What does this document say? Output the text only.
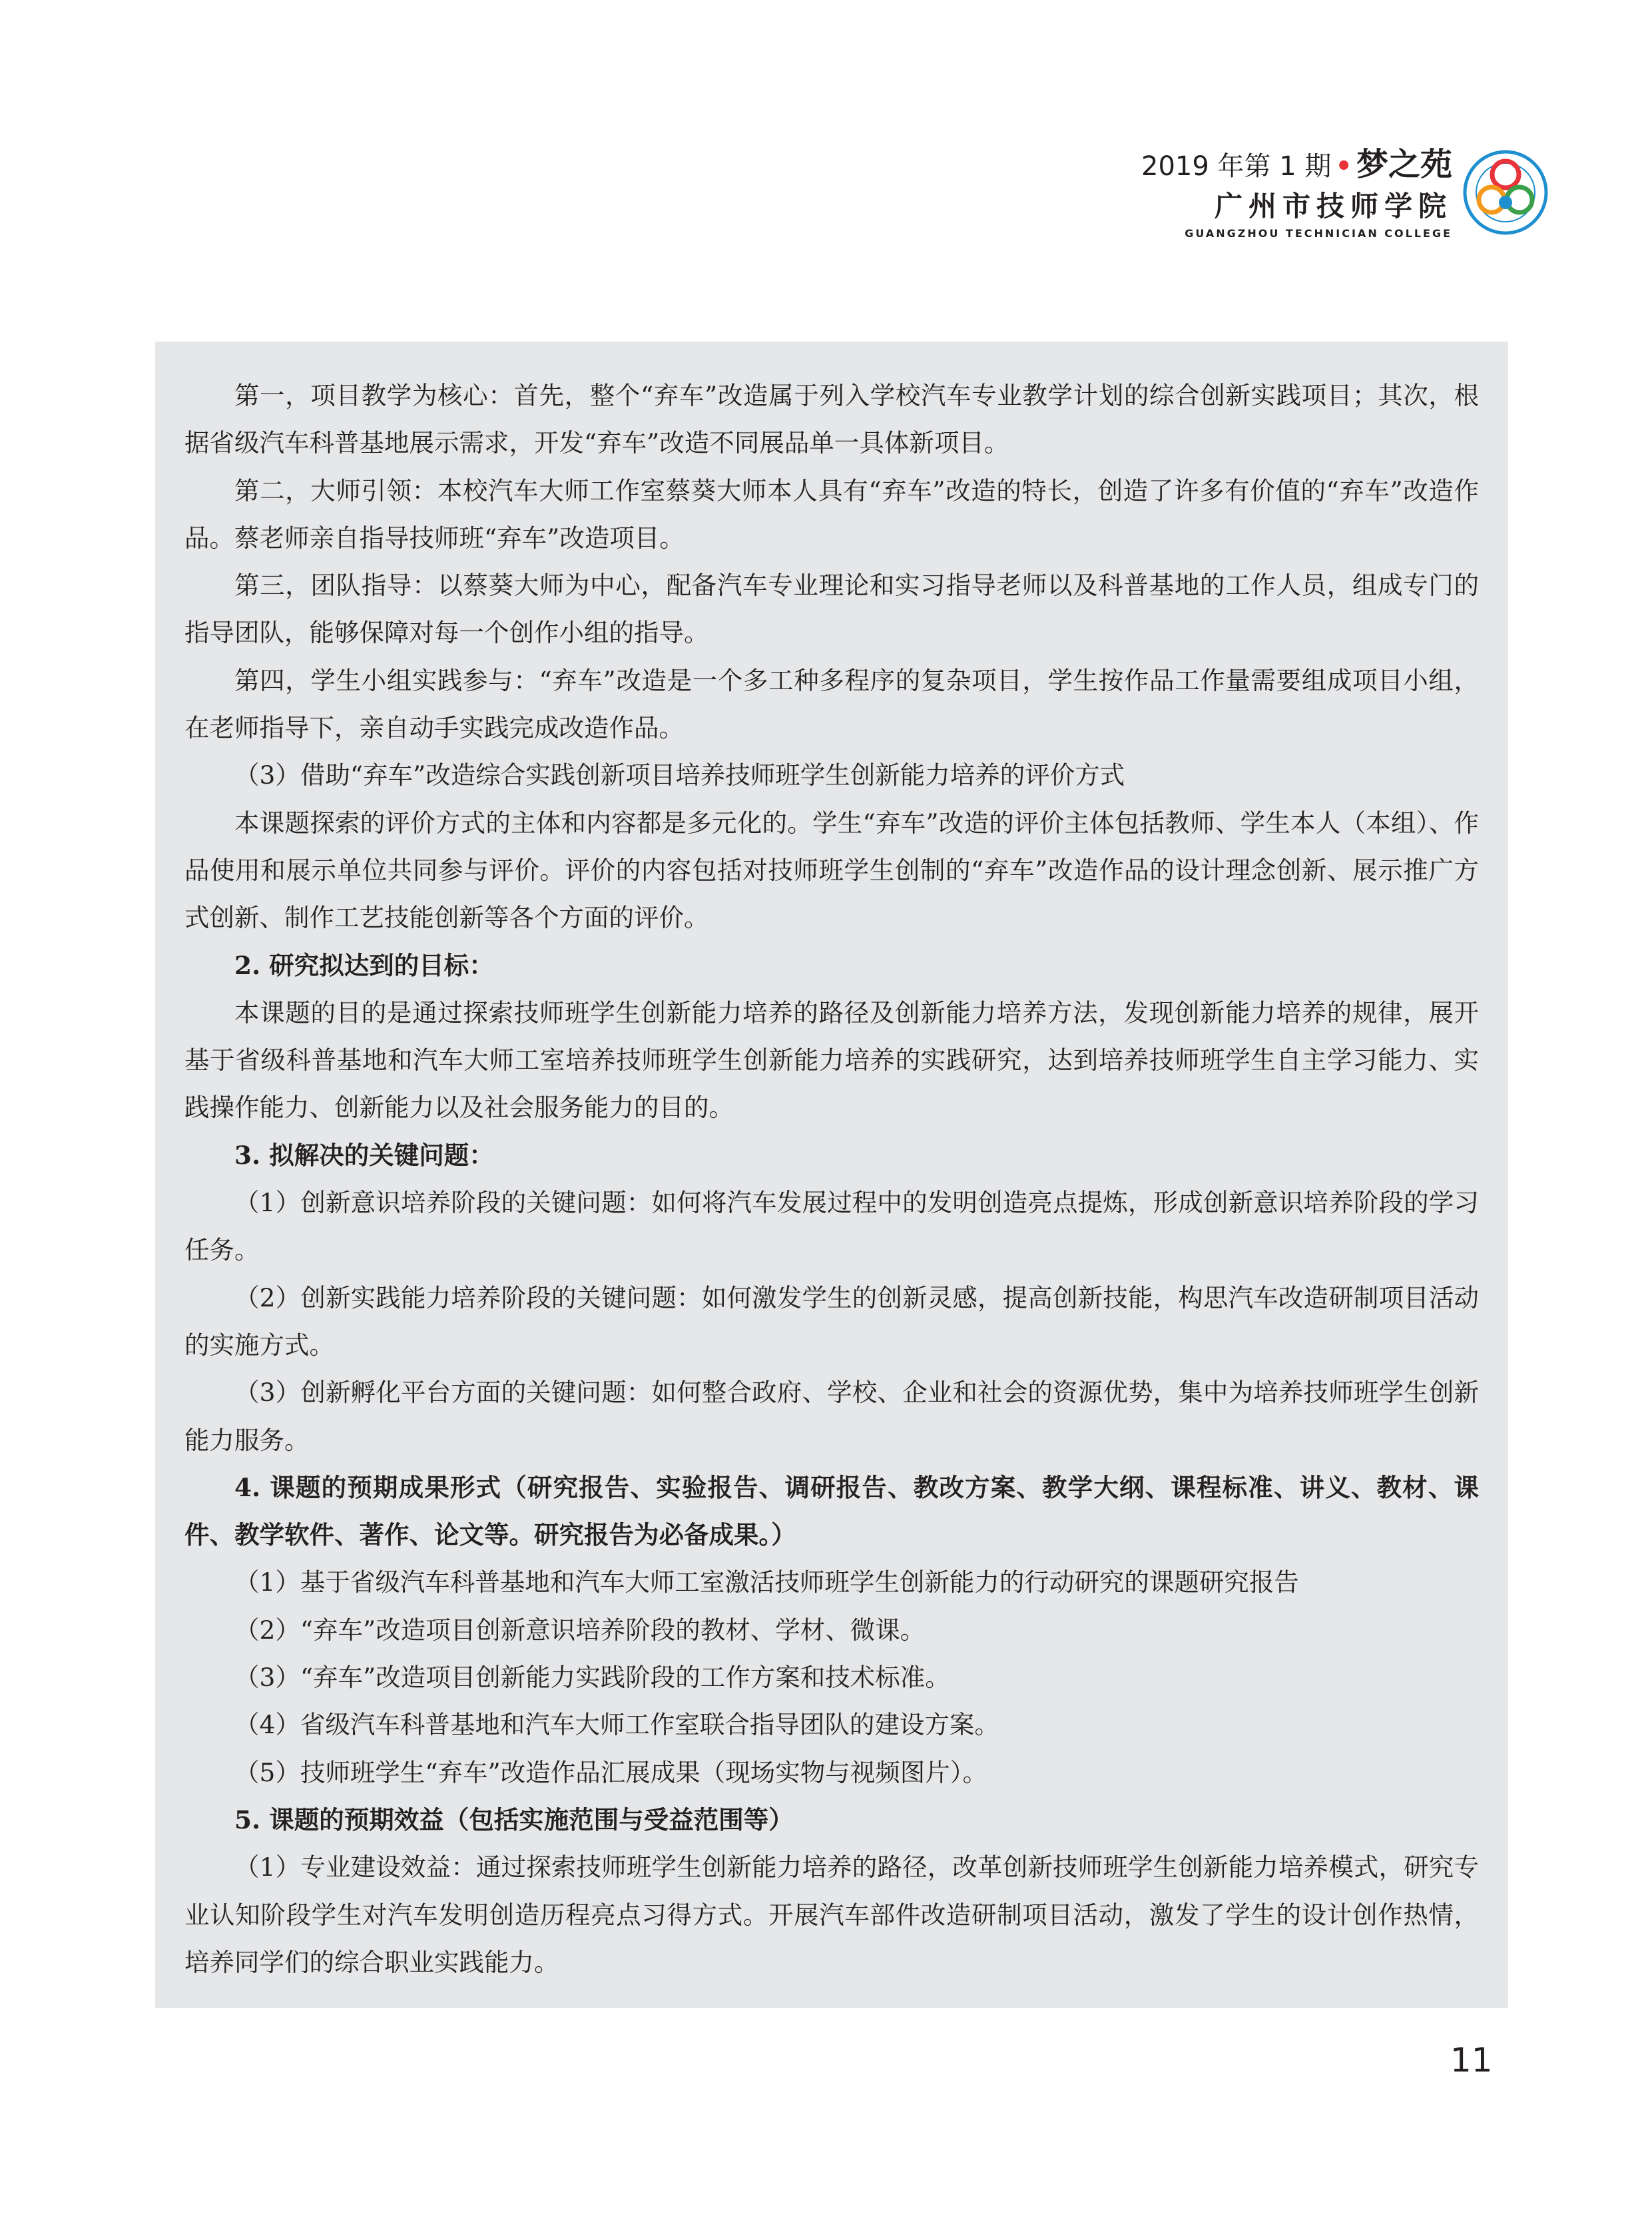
2019 年第 1 期 • 梦之苑
广州市技师学院
GUANGZHOU TECHNICIAN COLLEGE

第一，项目教学为核心：首先，整个“弃车”改造属于列入学校汽车专业教学计划的综合创新实践项目；其次，根据省级汽车科普基地展示需求，开发“弃车”改造不同展品单一具体新项目。

第二，大师引领：本校汽车大师工作室蔡葵大师本人具有“弃车”改造的特长，创造了许多有价值的“弃车”改造作品。蔡老师亲自指导技师班“弃车”改造项目。

第三，团队指导：以蔡葵大师为中心，配备汽车专业理论和实习指导老师以及科普基地的工作人员，组成专门的指导团队，能够保障对每一个创作小组的指导。

第四，学生小组实践参与：“弃车”改造是一个多工种多程序的复杂项目，学生按作品工作量需要组成项目小组，在老师指导下，亲自动手实践完成改造作品。

（3）借助“弃车”改造综合实践创新项目培养技师班学生创新能力培养的评价方式

本课题探索的评价方式的主体和内容都是多元化的。学生“弃车”改造的评价主体包括教师、学生本人（本组）、作品使用和展示单位共同参与评价。评价的内容包括对技师班学生创制的“弃车”改造作品的设计理念创新、展示推广方式创新、制作工艺技能创新等各个方面的评价。

2. 研究拟达到的目标：

本课题的目的是通过探索技师班学生创新能力培养的路径及创新能力培养方法，发现创新能力培养的规律，展开基于省级科普基地和汽车大师工室培养技师班学生创新能力培养的实践研究，达到培养技师班学生自主学习能力、实践操作能力、创新能力以及社会服务能力的目的。

3. 拟解决的关键问题：

（1）创新意识培养阶段的关键问题：如何将汽车发展过程中的发明创造亮点提炼，形成创新意识培养阶段的学习任务。

（2）创新实践能力培养阶段的关键问题：如何激发学生的创新灵感，提高创新技能，构思汽车改造研制项目活动的实施方式。

（3）创新孵化平台方面的关键问题：如何整合政府、学校、企业和社会的资源优势，集中为培养技师班学生创新能力服务。

4. 课题的预期成果形式（研究报告、实验报告、调研报告、教改方案、教学大纲、课程标准、讲义、教材、课件、教学软件、著作、论文等。研究报告为必备成果。）

（1）基于省级汽车科普基地和汽车大师工室激活技师班学生创新能力的行动研究的课题研究报告

（2）“弃车”改造项目创新意识培养阶段的教材、学材、微课。

（3）“弃车”改造项目创新能力实践阶段的工作方案和技术标准。

（4）省级汽车科普基地和汽车大师工作室联合指导团队的建设方案。

（5）技师班学生“弃车”改造作品汇展成果（现场实物与视频图片）。

5. 课题的预期效益（包括实施范围与受益范围等）

（1）专业建设效益：通过探索技师班学生创新能力培养的路径，改革创新技师班学生创新能力培养模式，研究专业认知阶段学生对汽车发明创造历程亮点习得方式。开展汽车部件改造研制项目活动，激发了学生的设计创作热情，培养同学们的综合职业实践能力。

11
